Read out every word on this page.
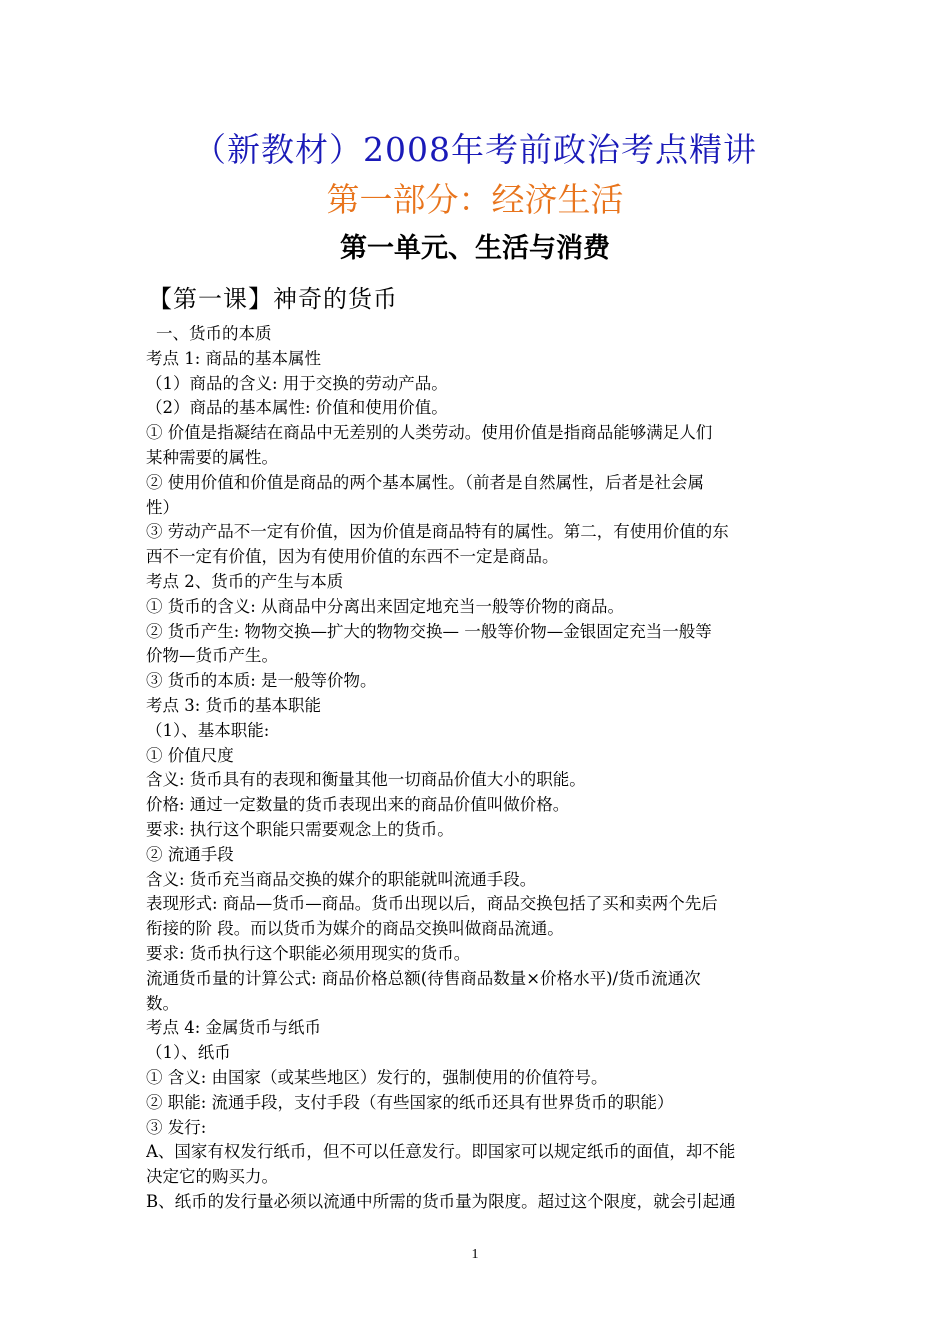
（新教材）2008年考前政治考点精讲
第一部分：经济生活
第一单元、生活与消费
【第一课】神奇的货币
一、货币的本质
考点 1: 商品的基本属性
（1）商品的含义: 用于交换的劳动产品。
（2）商品的基本属性: 价值和使用价值。
① 价值是指凝结在商品中无差别的人类劳动。使用价值是指商品能够满足人们
某种需要的属性。
② 使用价值和价值是商品的两个基本属性。（前者是自然属性，后者是社会属
性）
③ 劳动产品不一定有价值，因为价值是商品特有的属性。第二，有使用价值的东
西不一定有价值，因为有使用价值的东西不一定是商品。
考点 2、货币的产生与本质
① 货币的含义: 从商品中分离出来固定地充当一般等价物的商品。
② 货币产生: 物物交换—扩大的物物交换— 一般等价物—金银固定充当一般等
价物—货币产生。
③ 货币的本质: 是一般等价物。
考点 3: 货币的基本职能
（1）、基本职能:
① 价值尺度
含义: 货币具有的表现和衡量其他一切商品价值大小的职能。
价格: 通过一定数量的货币表现出来的商品价值叫做价格。
要求: 执行这个职能只需要观念上的货币。
② 流通手段
含义: 货币充当商品交换的媒介的职能就叫流通手段。
表现形式: 商品—货币—商品。货币出现以后，商品交换包括了买和卖两个先后
衔接的阶 段。而以货币为媒介的商品交换叫做商品流通。
要求: 货币执行这个职能必须用现实的货币。
流通货币量的计算公式: 商品价格总额(待售商品数量×价格水平)/货币流通次
数。
考点 4: 金属货币与纸币
（1）、纸币
① 含义: 由国家（或某些地区）发行的，强制使用的价值符号。
② 职能: 流通手段，支付手段（有些国家的纸币还具有世界货币的职能）
③ 发行:
A、国家有权发行纸币，但不可以任意发行。即国家可以规定纸币的面值，却不能
决定它的购买力。
B、纸币的发行量必须以流通中所需的货币量为限度。超过这个限度，就会引起通
1
